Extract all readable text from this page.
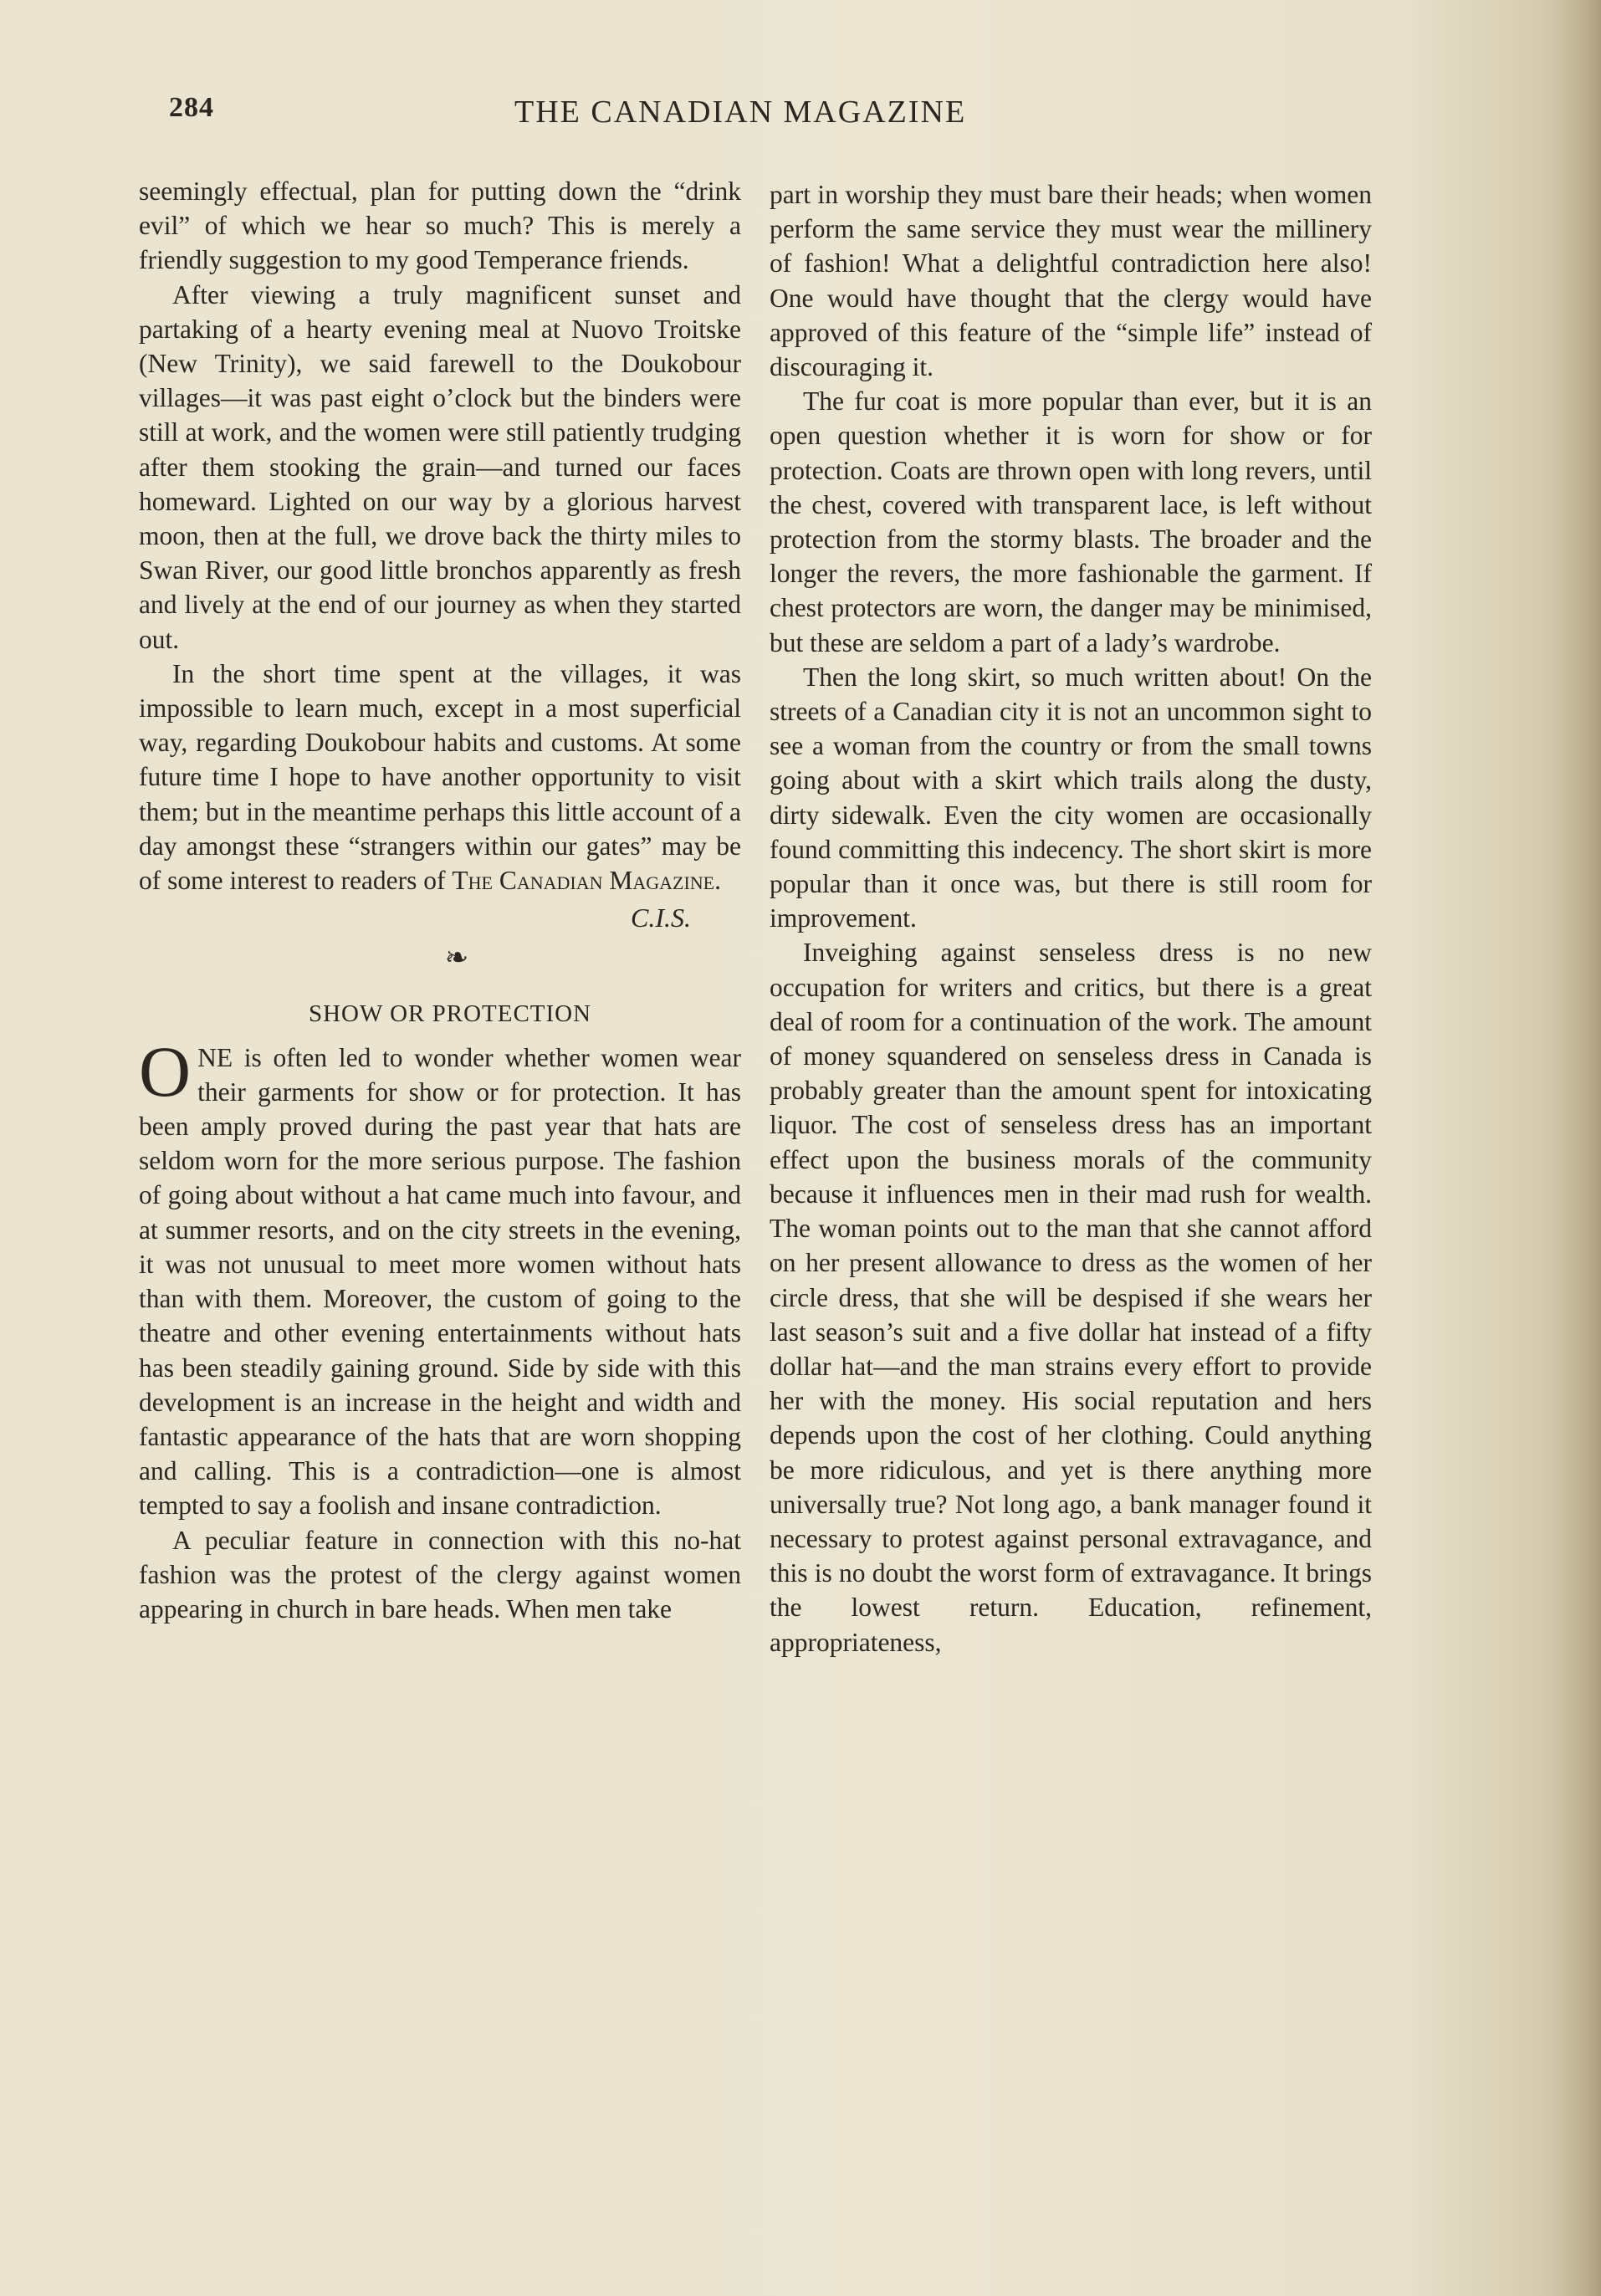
284	THE CANADIAN MAGAZINE

seemingly effectual, plan for putting down the “drink evil” of which we hear so much? This is merely a friendly suggestion to my good Temperance friends.

After viewing a truly magnificent sunset and partaking of a hearty evening meal at Nuovo Troitske (New Trinity), we said farewell to the Doukobour villages—it was past eight o’clock but the binders were still at work, and the women were still patiently trudging after them stooking the grain—and turned our faces homeward. Lighted on our way by a glorious harvest moon, then at the full, we drove back the thirty miles to Swan River, our good little bronchos apparently as fresh and lively at the end of our journey as when they started out.

In the short time spent at the villages, it was impossible to learn much, except in a most superficial way, regarding Doukobour habits and customs. At some future time I hope to have another opportunity to visit them; but in the meantime perhaps this little account of a day amongst these “strangers within our gates” may be of some interest to readers of The Canadian Magazine.

C.I.S.
❧
SHOW OR PROTECTION

ONE is often led to wonder whether women wear their garments for show or for protection. It has been amply proved during the past year that hats are seldom worn for the more serious purpose. The fashion of going about without a hat came much into favour, and at summer resorts, and on the city streets in the evening, it was not unusual to meet more women without hats than with them. Moreover, the custom of going to the theatre and other evening entertainments without hats has been steadily gaining ground. Side by side with this development is an increase in the height and width and fantastic appearance of the hats that are worn shopping and calling. This is a contradiction—one is almost tempted to say a foolish and insane contradiction.

A peculiar feature in connection with this no-hat fashion was the protest of the clergy against women appearing in church in bare heads. When men take

part in worship they must bare their heads; when women perform the same service they must wear the millinery of fashion! What a delightful contradiction here also! One would have thought that the clergy would have approved of this feature of the “simple life” instead of discouraging it.

The fur coat is more popular than ever, but it is an open question whether it is worn for show or for protection. Coats are thrown open with long revers, until the chest, covered with transparent lace, is left without protection from the stormy blasts. The broader and the longer the revers, the more fashionable the garment. If chest protectors are worn, the danger may be minimised, but these are seldom a part of a lady’s wardrobe.

Then the long skirt, so much written about! On the streets of a Canadian city it is not an uncommon sight to see a woman from the country or from the small towns going about with a skirt which trails along the dusty, dirty sidewalk. Even the city women are occasionally found committing this indecency. The short skirt is more popular than it once was, but there is still room for improvement.

Inveighing against senseless dress is no new occupation for writers and critics, but there is a great deal of room for a continuation of the work. The amount of money squandered on senseless dress in Canada is probably greater than the amount spent for intoxicating liquor. The cost of senseless dress has an important effect upon the business morals of the community because it influences men in their mad rush for wealth. The woman points out to the man that she cannot afford on her present allowance to dress as the women of her circle dress, that she will be despised if she wears her last season’s suit and a five dollar hat instead of a fifty dollar hat—and the man strains every effort to provide her with the money. His social reputation and hers depends upon the cost of her clothing. Could anything be more ridiculous, and yet is there anything more universally true? Not long ago, a bank manager found it necessary to protest against personal extravagance, and this is no doubt the worst form of extravagance. It brings the lowest return. Education, refinement, appropriateness,
